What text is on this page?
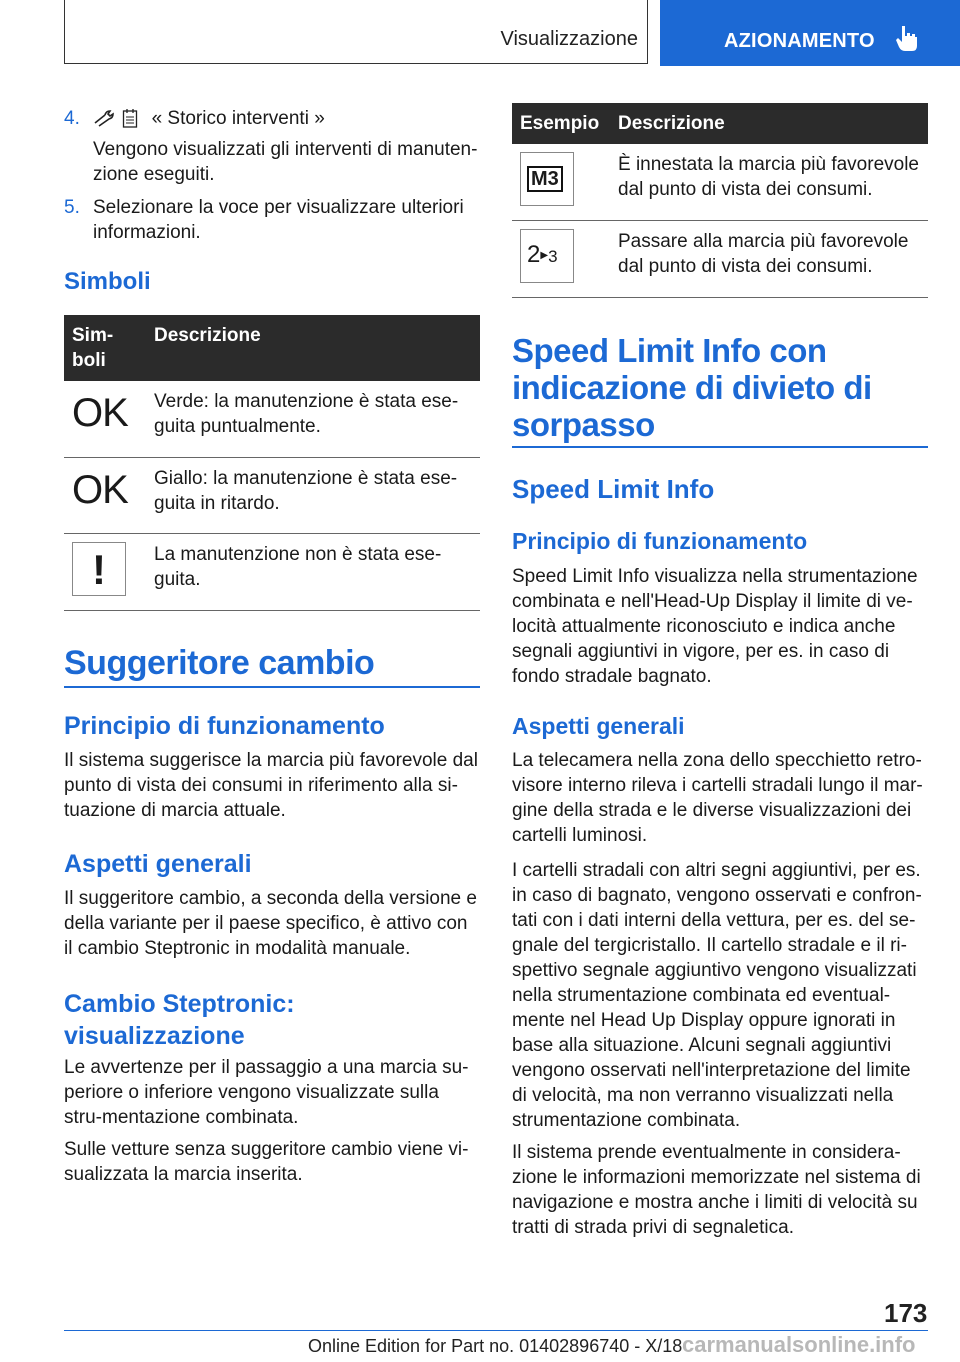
Visualizzazione	AZIONAMENTO
4.	« Storico interventi »

Vengono visualizzati gli interventi di manuten-zione eseguiti.

5. Selezionare la voce per visualizzare ulteriori informazioni.

Simboli
Sim-boli	Descrizione

OK	Verde: la manutenzione è stata ese-guita puntualmente.

OK	Giallo: la manutenzione è stata ese-guita in ritardo.

!	La manutenzione non è stata ese-guita.
Suggeritore cambio
Principio di funzionamento

Il sistema suggerisce la marcia più favorevole dal punto di vista dei consumi in riferimento alla si-tuazione di marcia attuale.

Aspetti generali

Il suggeritore cambio, a seconda della versione e della variante per il paese specifico, è attivo con il cambio Steptronic in modalità manuale.

Cambio Steptronic: visualizzazione

Le avvertenze per il passaggio a una marcia su-periore o inferiore vengono visualizzate sulla stru-mentazione combinata.

Sulle vetture senza suggeritore cambio viene vi-sualizzata la marcia inserita.

Esempio	Descrizione

M3	È innestata la marcia più favorevole dal punto di vista dei consumi.

2▶3	Passare alla marcia più favorevole dal punto di vista dei consumi.
Speed Limit Info con indicazione di divieto di sorpasso
Speed Limit Info
Principio di funzionamento

Speed Limit Info visualizza nella strumentazione combinata e nell'Head-Up Display il limite di ve-locità attualmente riconosciuto e indica anche segnali aggiuntivi in vigore, per es. in caso di fondo stradale bagnato.

Aspetti generali

La telecamera nella zona dello specchietto retro-visore interno rileva i cartelli stradali lungo il mar-gine della strada e le diverse visualizzazioni dei cartelli luminosi.

I cartelli stradali con altri segni aggiuntivi, per es. in caso di bagnato, vengono osservati e confron-tati con i dati interni della vettura, per es. del se-gnale del tergicristallo. Il cartello stradale e il ri-spettivo segnale aggiuntivo vengono visualizzati nella strumentazione combinata ed eventual-mente nel Head Up Display oppure ignorati in base alla situazione. Alcuni segnali aggiuntivi vengono osservati nell'interpretazione del limite di velocità, ma non verranno visualizzati nella strumentazione combinata.

Il sistema prende eventualmente in considera-zione le informazioni memorizzate nel sistema di navigazione e mostra anche i limiti di velocità su tratti di strada privi di segnaletica.

173
Online Edition for Part no. 01402896740 - X/18 carmanualsonline.info
